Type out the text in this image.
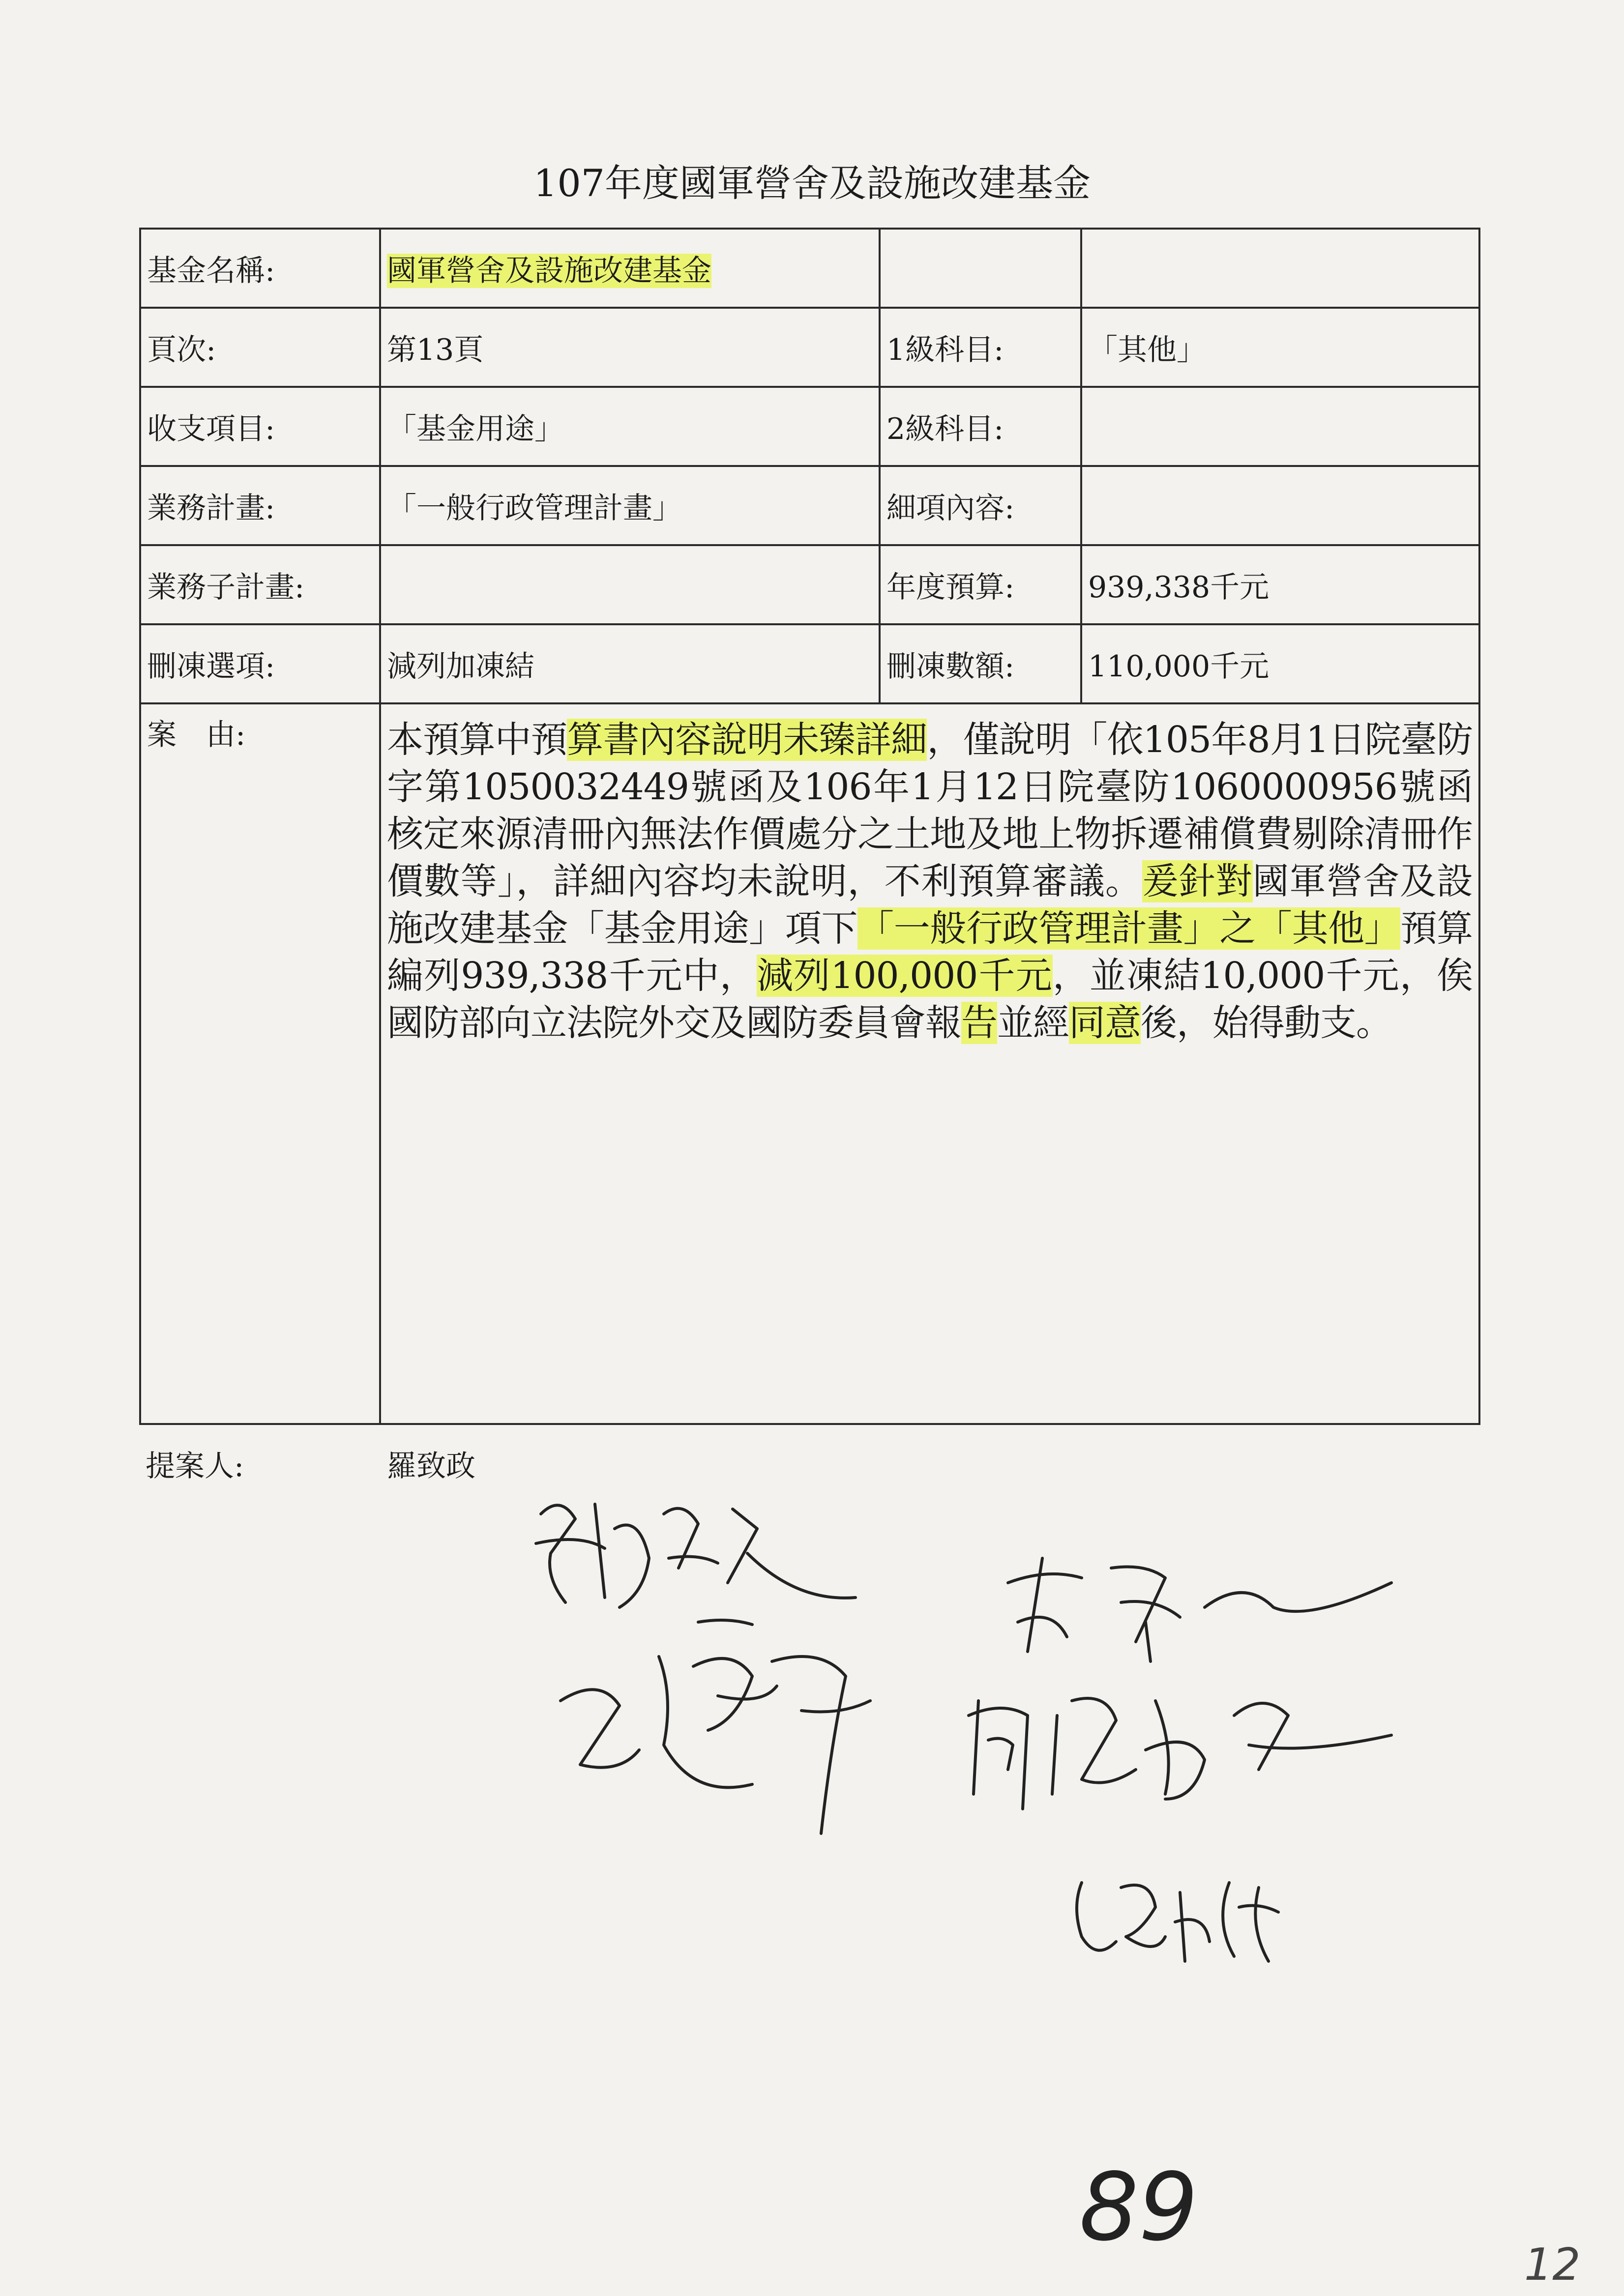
107年度國軍營舍及設施改建基金
基金名稱:	國軍營舍及設施改建基金		
頁次:	第13頁	1級科目:	「其他」
收支項目:	「基金用途」	2級科目:	
業務計畫:	「一般行政管理計畫」	細項內容:	
業務子計畫:		年度預算:	939,338千元
刪凍選項:	減列加凍結	刪凍數額:	110,000千元
案　由:	本預算中預算書內容說明未臻詳細，僅說明「依105年8月1日院臺防字第1050032449號函及106年1月12日院臺防1060000956號函核定來源清冊內無法作價處分之土地及地上物拆遷補償費剔除清冊作價數等」，詳細內容均未說明，不利預算審議。爰針對國軍營舍及設施改建基金「基金用途」項下「一般行政管理計畫」之「其他」預算編列939,338千元中，減列100,000千元，並凍結10,000千元，俟國防部向立法院外交及國防委員會報告並經同意後，始得動支。		
提案人:	羅致政
89
12
